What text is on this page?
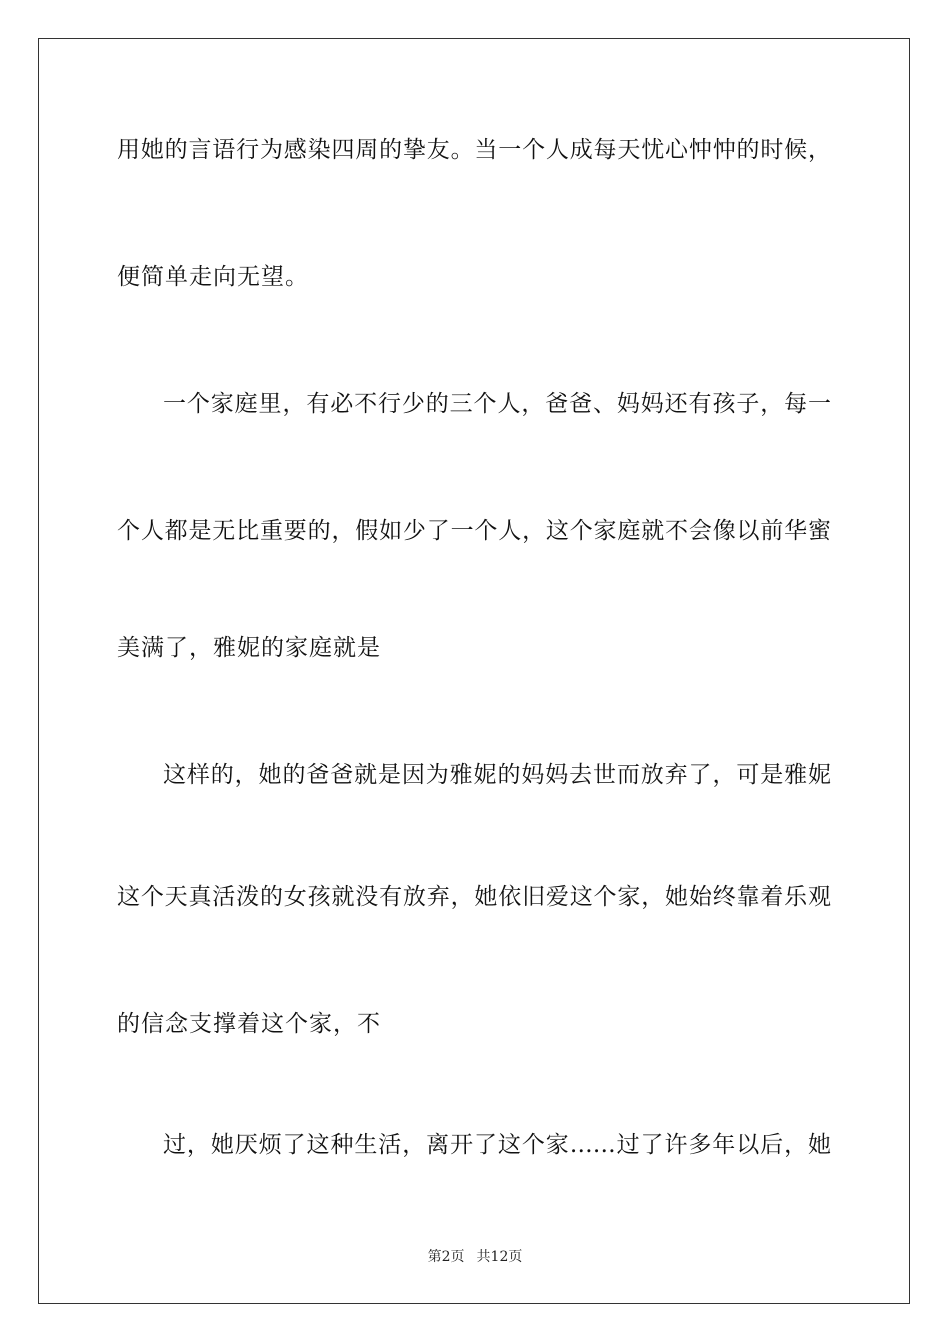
用她的言语行为感染四周的挚友。当一个人成每天忧心忡忡的时候，
便简单走向无望。
一个家庭里，有必不行少的三个人，爸爸、妈妈还有孩子，每一
个人都是无比重要的，假如少了一个人，这个家庭就不会像以前华蜜
美满了，雅妮的家庭就是
这样的，她的爸爸就是因为雅妮的妈妈去世而放弃了，可是雅妮
这个天真活泼的女孩就没有放弃，她依旧爱这个家，她始终靠着乐观
的信念支撑着这个家，不
过，她厌烦了这种生活，离开了这个家……过了许多年以后，她
第2页 共12页
